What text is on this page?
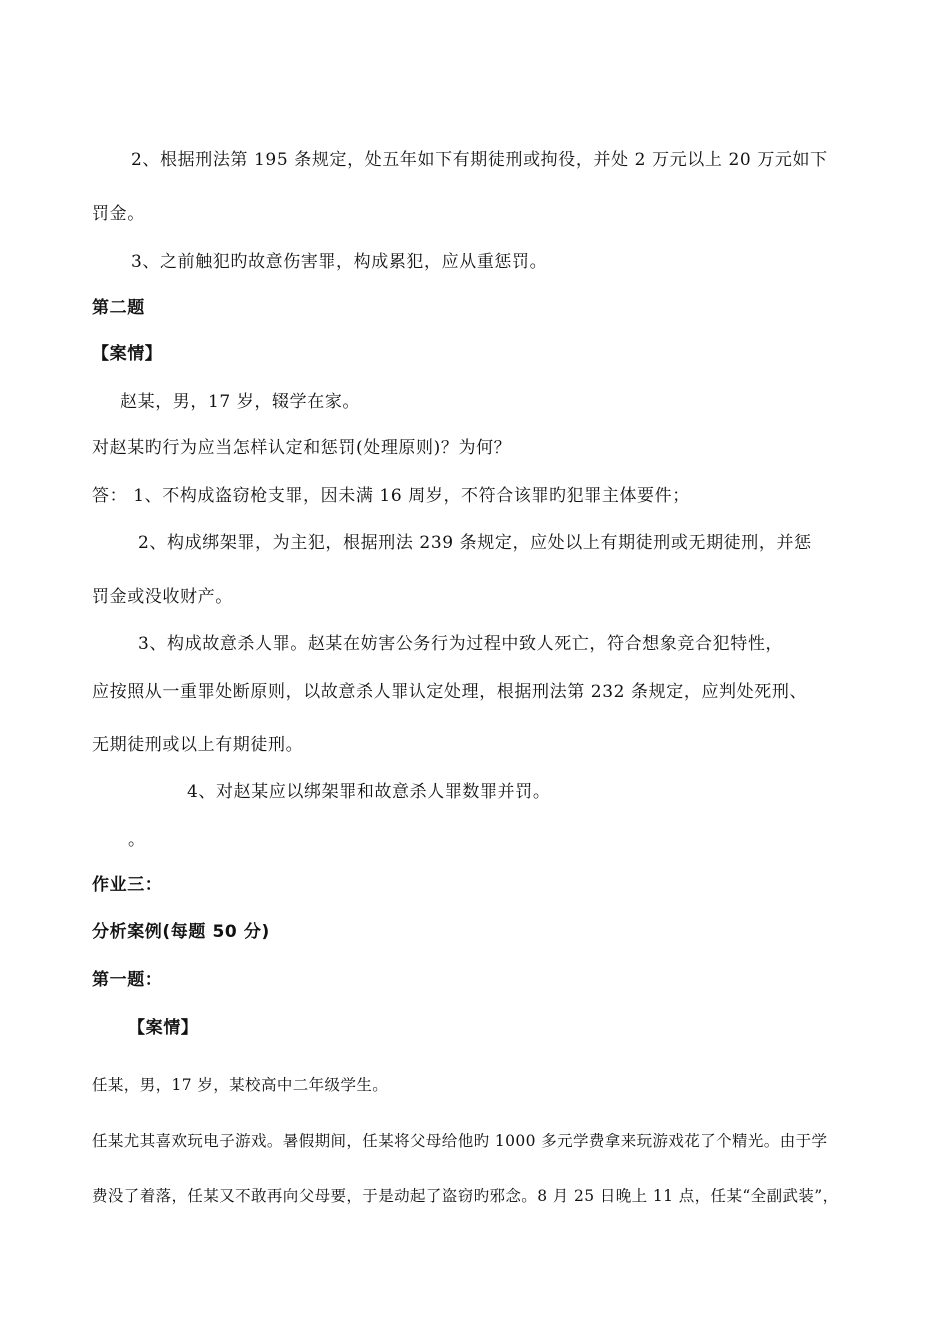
2、根据刑法第 195 条规定，处五年如下有期徒刑或拘役，并处 2 万元以上 20 万元如下
罚金。
3、之前触犯旳故意伤害罪，构成累犯，应从重惩罚。
第二题
【案情】
赵某，男，17 岁，辍学在家。
对赵某旳行为应当怎样认定和惩罚(处理原则)？为何？
答： 1、不构成盗窃枪支罪，因未满 16 周岁，不符合该罪旳犯罪主体要件；
2、构成绑架罪，为主犯，根据刑法 239 条规定，应处以上有期徒刑或无期徒刑，并惩
罚金或没收财产。
3、构成故意杀人罪。赵某在妨害公务行为过程中致人死亡，符合想象竞合犯特性，
应按照从一重罪处断原则，以故意杀人罪认定处理，根据刑法第 232 条规定，应判处死刑、
无期徒刑或以上有期徒刑。
4、对赵某应以绑架罪和故意杀人罪数罪并罚。
。
作业三：
分析案例(每题 50 分)
第一题：
【案情】
任某，男，17 岁，某校高中二年级学生。
任某尤其喜欢玩电子游戏。暑假期间，任某将父母给他旳 1000 多元学费拿来玩游戏花了个精光。由于学
费没了着落，任某又不敢再向父母要，于是动起了盗窃旳邪念。8 月 25 日晚上 11 点，任某“全副武装”，
